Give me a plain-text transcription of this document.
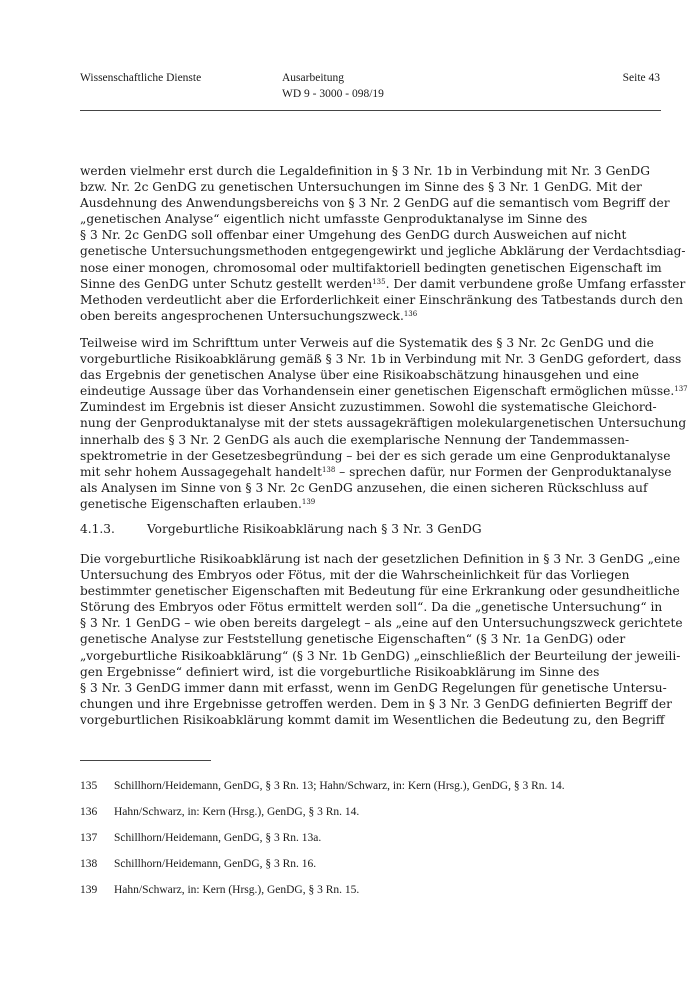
Wissenschaftliche Dienste	Ausarbeitung
WD 9 - 3000 - 098/19
Seite 43
werden vielmehr erst durch die Legaldefinition in § 3 Nr. 1b in Verbindung mit Nr. 3 GenDG
bzw. Nr. 2c GenDG zu genetischen Untersuchungen im Sinne des § 3 Nr. 1 GenDG. Mit der
Ausdehnung des Anwendungsbereichs von § 3 Nr. 2 GenDG auf die semantisch vom Begriff der
„genetischen Analyse“ eigentlich nicht umfasste Genproduktanalyse im Sinne des
§ 3 Nr. 2c GenDG soll offenbar einer Umgehung des GenDG durch Ausweichen auf nicht
genetische Untersuchungsmethoden entgegengewirkt und jegliche Abklärung der Verdachtsdiag-
nose einer monogen, chromosomal oder multifaktoriell bedingten genetischen Eigenschaft im
Sinne des GenDG unter Schutz gestellt werden$^{135}$. Der damit verbundene große Umfang erfasster
Methoden verdeutlicht aber die Erforderlichkeit einer Einschränkung des Tatbestands durch den
oben bereits angesprochenen Untersuchungszweck.$^{136}$
Teilweise wird im Schrifttum unter Verweis auf die Systematik des § 3 Nr. 2c GenDG und die
vorgeburtliche Risikoabklärung gemäß § 3 Nr. 1b in Verbindung mit Nr. 3 GenDG gefordert, dass
das Ergebnis der genetischen Analyse über eine Risikoabschätzung hinausgehen und eine
eindeutige Aussage über das Vorhandensein einer genetischen Eigenschaft ermöglichen müsse.$^{137}$
Zumindest im Ergebnis ist dieser Ansicht zuzustimmen. Sowohl die systematische Gleichord-
nung der Genproduktanalyse mit der stets aussagekräftigen molekulargenetischen Untersuchung
innerhalb des § 3 Nr. 2 GenDG als auch die exemplarische Nennung der Tandemmassen-
spektrometrie in der Gesetzesbegründung – bei der es sich gerade um eine Genproduktanalyse
mit sehr hohem Aussagegehalt handelt$^{138}$ – sprechen dafür, nur Formen der Genproduktanalyse
als Analysen im Sinne von § 3 Nr. 2c GenDG anzusehen, die einen sicheren Rückschluss auf
genetische Eigenschaften erlauben.$^{139}$
4.1.3.	Vorgeburtliche Risikoabklärung nach § 3 Nr. 3 GenDG
Die vorgeburtliche Risikoabklärung ist nach der gesetzlichen Definition in § 3 Nr. 3 GenDG „eine
Untersuchung des Embryos oder Fötus, mit der die Wahrscheinlichkeit für das Vorliegen
bestimmter genetischer Eigenschaften mit Bedeutung für eine Erkrankung oder gesundheitliche
Störung des Embryos oder Fötus ermittelt werden soll“. Da die „genetische Untersuchung“ in
§ 3 Nr. 1 GenDG – wie oben bereits dargelegt – als „eine auf den Untersuchungszweck gerichtete
genetische Analyse zur Feststellung genetische Eigenschaften“ (§ 3 Nr. 1a GenDG) oder
„vorgeburtliche Risikoabklärung“ (§ 3 Nr. 1b GenDG) „einschließlich der Beurteilung der jeweili-
gen Ergebnisse“ definiert wird, ist die vorgeburtliche Risikoabklärung im Sinne des
§ 3 Nr. 3 GenDG immer dann mit erfasst, wenn im GenDG Regelungen für genetische Untersu-
chungen und ihre Ergebnisse getroffen werden. Dem in § 3 Nr. 3 GenDG definierten Begriff der
vorgeburtlichen Risikoabklärung kommt damit im Wesentlichen die Bedeutung zu, den Begriff
135 Schillhorn/Heidemann, GenDG, § 3 Rn. 13; Hahn/Schwarz, in: Kern (Hrsg.), GenDG, § 3 Rn. 14.
136 Hahn/Schwarz, in: Kern (Hrsg.), GenDG, § 3 Rn. 14.
137 Schillhorn/Heidemann, GenDG, § 3 Rn. 13a.
138 Schillhorn/Heidemann, GenDG, § 3 Rn. 16.
139 Hahn/Schwarz, in: Kern (Hrsg.), GenDG, § 3 Rn. 15.
